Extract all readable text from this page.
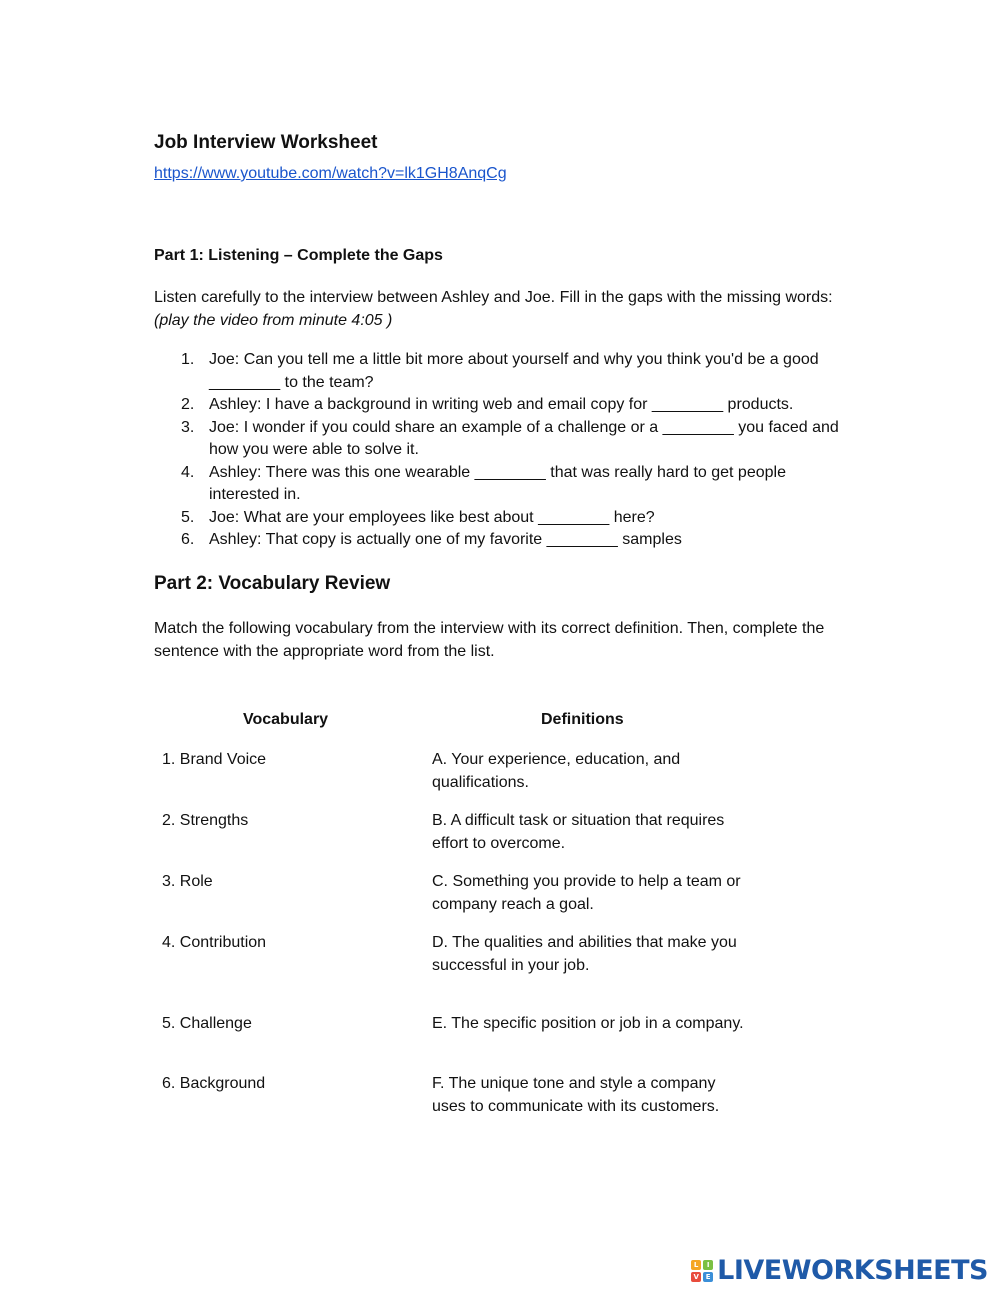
Job Interview Worksheet
https://www.youtube.com/watch?v=lk1GH8AnqCg
Part 1: Listening – Complete the Gaps
Listen carefully to the interview between Ashley and Joe. Fill in the gaps with the missing words: (play the video from minute 4:05 )
1. Joe: Can you tell me a little bit more about yourself and why you think you'd be a good ________ to the team?
2. Ashley: I have a background in writing web and email copy for ________ products.
3. Joe: I wonder if you could share an example of a challenge or a ________ you faced and how you were able to solve it.
4. Ashley: There was this one wearable ________ that was really hard to get people interested in.
5. Joe: What are your employees like best about ________ here?
6. Ashley: That copy is actually one of my favorite ________ samples
Part 2: Vocabulary Review
Match the following vocabulary from the interview with its correct definition. Then, complete the sentence with the appropriate word from the list.
Vocabulary	Definitions
1. Brand Voice	A. Your experience, education, and qualifications.
2. Strengths	B. A difficult task or situation that requires effort to overcome.
3. Role	C. Something you provide to help a team or company reach a goal.
4. Contribution	D. The qualities and abilities that make you successful in your job.
5. Challenge	E. The specific position or job in a company.
6. Background	F. The unique tone and style a company uses to communicate with its customers.
L	I
V E LIVEWORKSHEETS
